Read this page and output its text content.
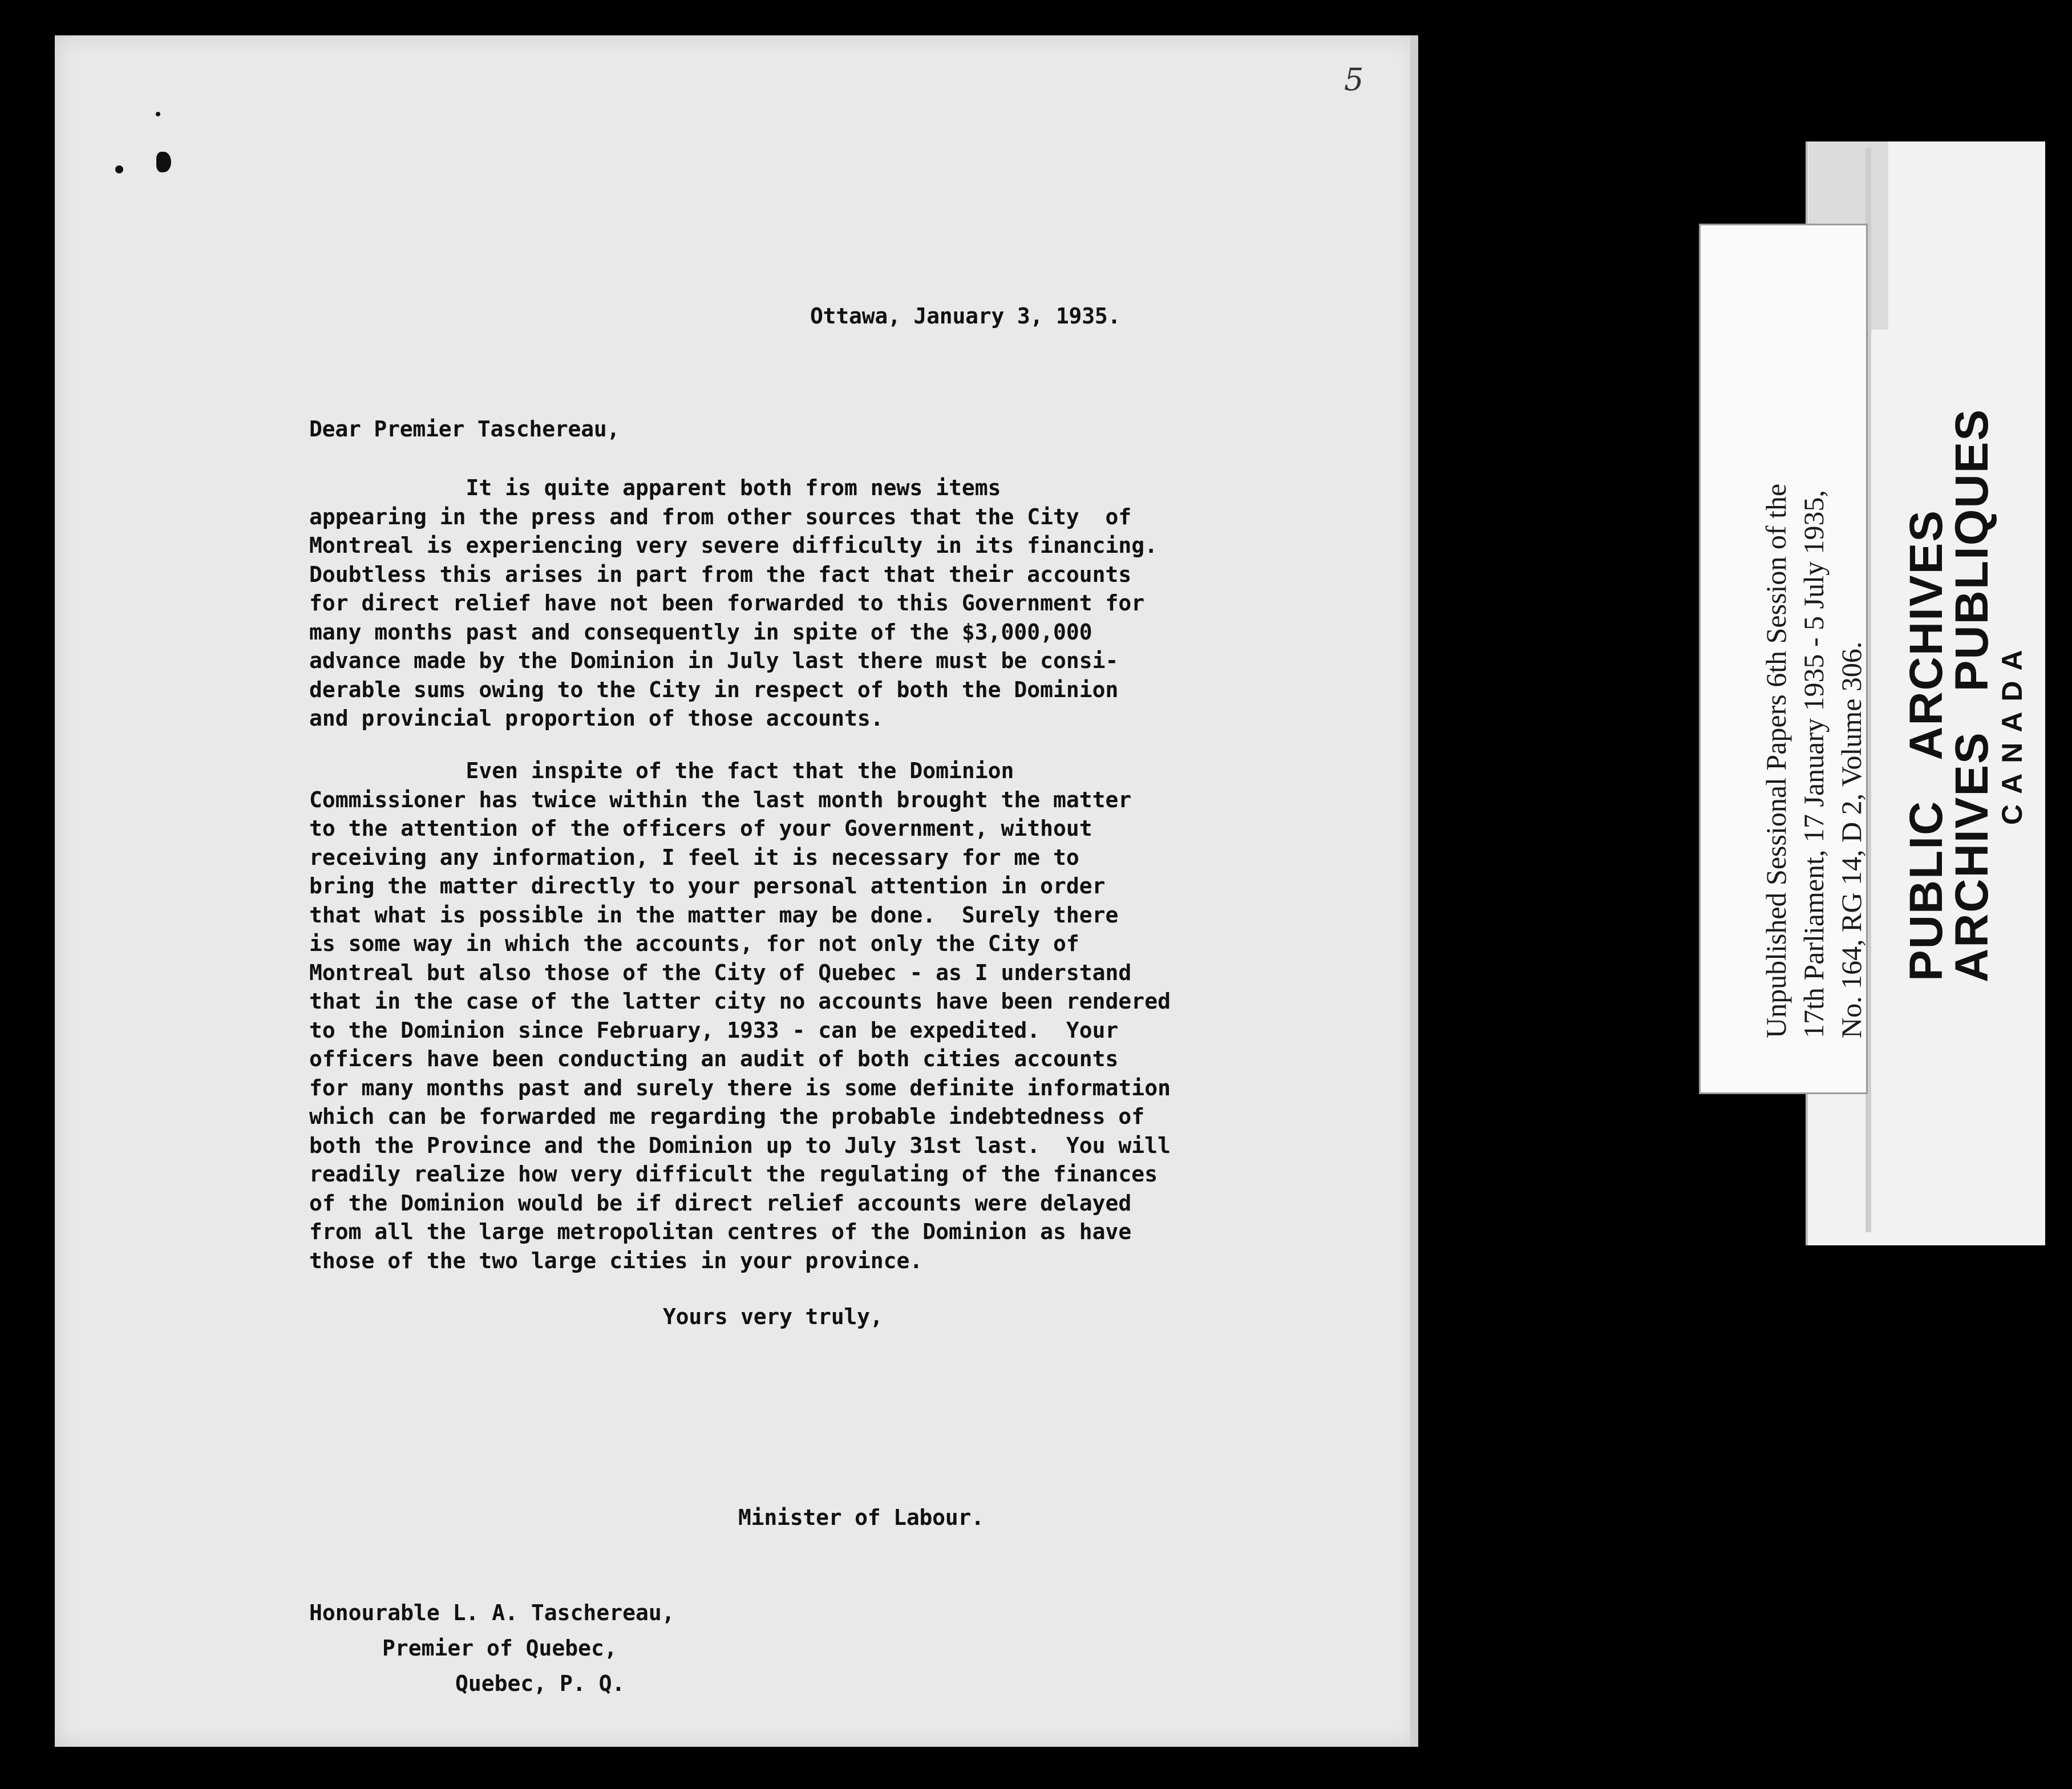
5
Ottawa, January 3, 1935.
Dear Premier Taschereau,
It is quite apparent both from news items
appearing in the press and from other sources that the City  of
Montreal is experiencing very severe difficulty in its financing.
Doubtless this arises in part from the fact that their accounts
for direct relief have not been forwarded to this Government for
many months past and consequently in spite of the $3,000,000
advance made by the Dominion in July last there must be consi-
derable sums owing to the City in respect of both the Dominion
and provincial proportion of those accounts.
Even inspite of the fact that the Dominion
Commissioner has twice within the last month brought the matter
to the attention of the officers of your Government, without
receiving any information, I feel it is necessary for me to
bring the matter directly to your personal attention in order
that what is possible in the matter may be done.  Surely there
is some way in which the accounts, for not only the City of
Montreal but also those of the City of Quebec - as I understand
that in the case of the latter city no accounts have been rendered
to the Dominion since February, 1933 - can be expedited.  Your
officers have been conducting an audit of both cities accounts
for many months past and surely there is some definite information
which can be forwarded me regarding the probable indebtedness of
both the Province and the Dominion up to July 31st last.  You will
readily realize how very difficult the regulating of the finances
of the Dominion would be if direct relief accounts were delayed
from all the large metropolitan centres of the Dominion as have
those of the two large cities in your province.
Yours very truly,
Minister of Labour.
Honourable L. A. Taschereau,
Premier of Quebec,
Quebec, P. Q.
Unpublished Sessional Papers 6th Session of the 17th Parliament, 17 January 1935 - 5 July 1935, No. 164, RG 14, D 2, Volume 306. PUBLICARCHIVES
ARCHIVESPUBLIQUES
CANADA
